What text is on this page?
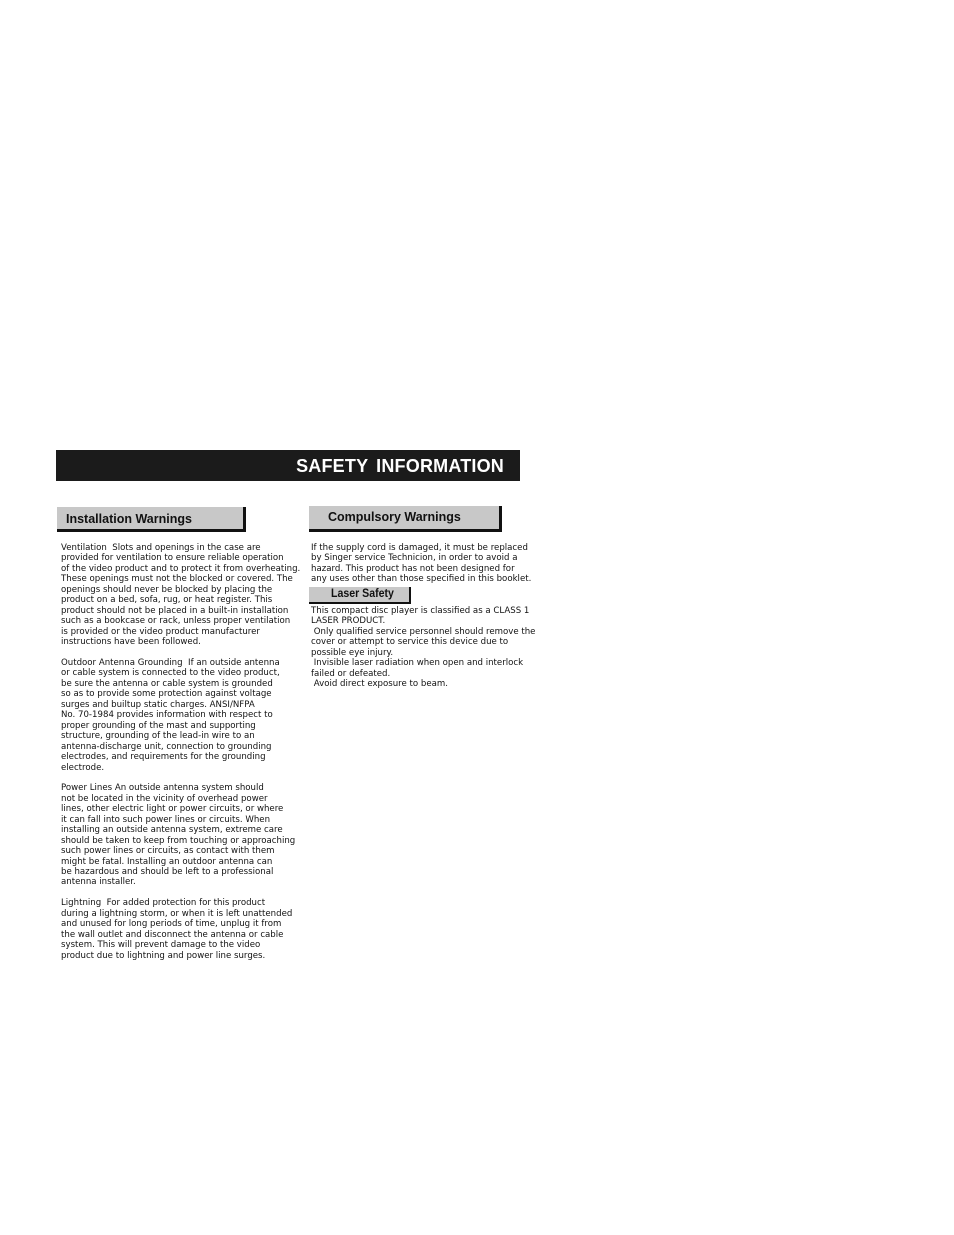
SAFETY INFORMATION
Installation Warnings

Ventilation  Slots and openings in the case are
provided for ventilation to ensure reliable operation
of the video product and to protect it from overheating.
These openings must not the blocked or covered. The
openings should never be blocked by placing the
product on a bed, sofa, rug, or heat register. This
product should not be placed in a built-in installation
such as a bookcase or rack, unless proper ventilation
is provided or the video product manufacturer
instructions have been followed.

Outdoor Antenna Grounding  If an outside antenna
or cable system is connected to the video product,
be sure the antenna or cable system is grounded
so as to provide some protection against voltage
surges and builtup static charges. ANSI/NFPA
No. 70-1984 provides information with respect to
proper grounding of the mast and supporting
structure, grounding of the lead-in wire to an
antenna-discharge unit, connection to grounding
electrodes, and requirements for the grounding
electrode.

Power Lines An outside antenna system should
not be located in the vicinity of overhead power
lines, other electric light or power circuits, or where
it can fall into such power lines or circuits. When
installing an outside antenna system, extreme care
should be taken to keep from touching or approaching
such power lines or circuits, as contact with them
might be fatal. Installing an outdoor antenna can
be hazardous and should be left to a professional
antenna installer.

Lightning  For added protection for this product
during a lightning storm, or when it is left unattended
and unused for long periods of time, unplug it from
the wall outlet and disconnect the antenna or cable
system. This will prevent damage to the video
product due to lightning and power line surges.

Compulsory Warnings

If the supply cord is damaged, it must be replaced
by Singer service Technicion, in order to avoid a
hazard. This product has not been designed for
any uses other than those specified in this booklet.

Laser Safety

This compact disc player is classified as a CLASS 1
LASER PRODUCT.
Only qualified service personnel should remove the
cover or attempt to service this device due to
possible eye injury.
Invisible laser radiation when open and interlock
failed or defeated.
Avoid direct exposure to beam.
